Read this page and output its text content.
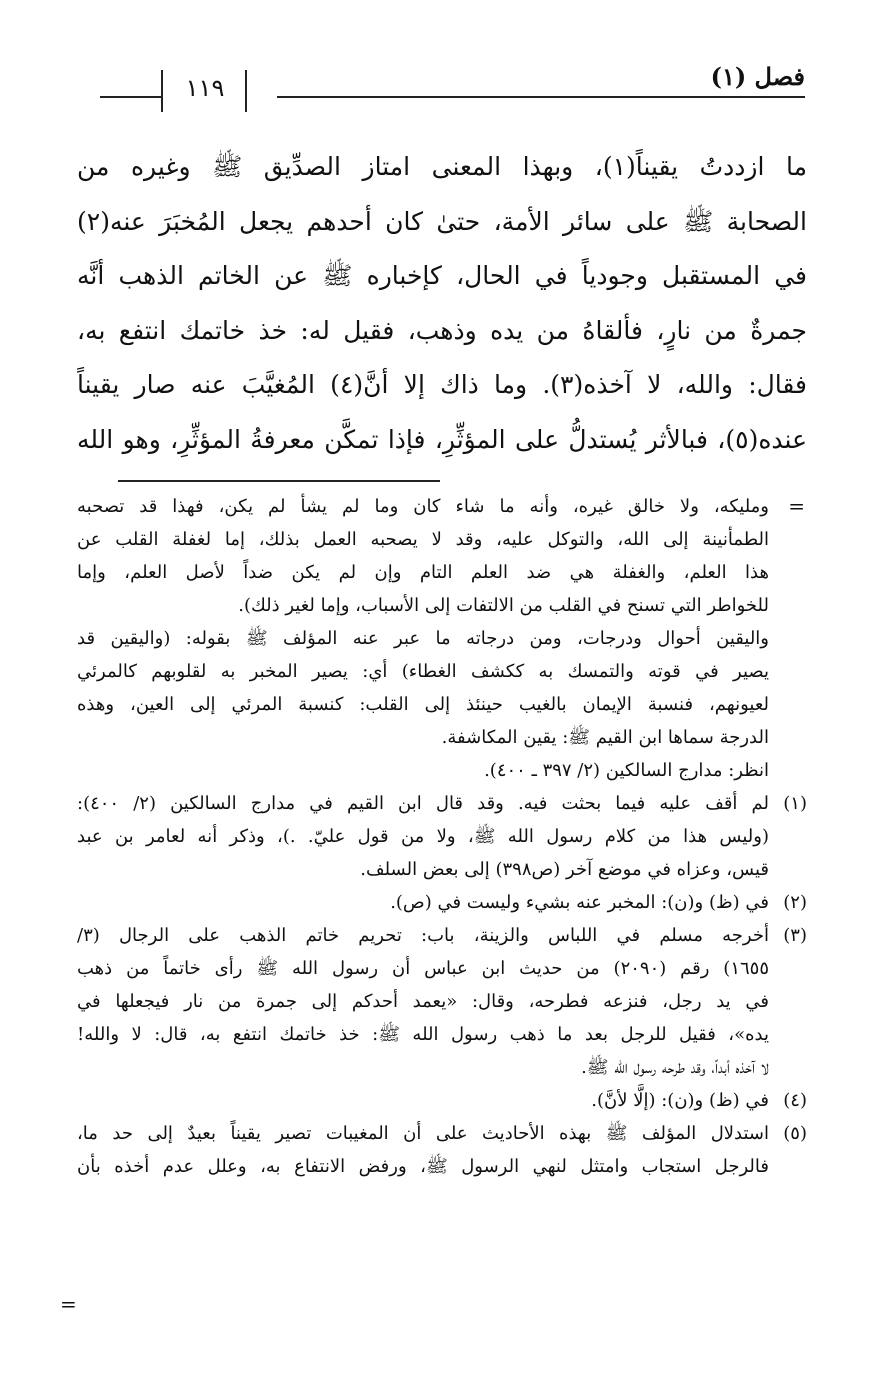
فصل (١)
١١٩
ما ازددتُ يقيناً(١)، وبهذا المعنى امتاز الصدِّيق ﷺ وغيره من
الصحابة ﷺ على سائر الأمة، حتىٰ كان أحدهم يجعل المُخبَرَ عنه(٢)
في المستقبل وجودياً في الحال، كإخباره ﷺ عن الخاتم الذهب أنَّه
جمرةٌ من نارٍ، فألقاهُ من يده وذهب، فقيل له: خذ خاتمك انتفع به،
فقال: والله، لا آخذه(٣). وما ذاك إلا أنَّ(٤) المُغيَّبَ عنه صار يقيناً
عنده(٥)، فبالأثر يُستدلُّ على المؤثِّرِ، فإذا تمكَّن معرفةُ المؤثِّرِ، وهو الله
=
ومليكه، ولا خالق غيره، وأنه ما شاء كان وما لم يشأ لم يكن، فهذا قد تصحبه
الطمأنينة إلى الله، والتوكل عليه، وقد لا يصحبه العمل بذلك، إما لغفلة القلب عن
هذا العلم، والغفلة هي ضد العلم التام وإن لم يكن ضداً لأصل العلم، وإما
للخواطر التي تسنح في القلب من الالتفات إلى الأسباب، وإما لغير ذلك).
واليقين أحوال ودرجات، ومن درجاته ما عبر عنه المؤلف ﷺ بقوله: (واليقين قد
يصير في قوته والتمسك به ككشف الغطاء) أي: يصير المخبر به لقلوبهم كالمرئي
لعيونهم، فنسبة الإيمان بالغيب حينئذ إلى القلب: كنسبة المرئي إلى العين، وهذه
الدرجة سماها ابن القيم ﷺ: يقين المكاشفة.
انظر: مدارج السالكين (٢/ ٣٩٧ ـ ٤٠٠).
(١)لم أقف عليه فيما بحثت فيه. وقد قال ابن القيم في مدارج السالكين (٢/ ٤٠٠):
(وليس هذا من كلام رسول الله ﷺ، ولا من قول عليّ. .)، وذكر أنه لعامر بن عبد
قيس، وعزاه في موضع آخر (ص٣٩٨) إلى بعض السلف.
(٢)في (ظ) و(ن): المخبر عنه بشيء وليست في (ص).
(٣)أخرجه مسلم في اللباس والزينة، باب: تحريم خاتم الذهب على الرجال (٣/
١٦٥٥) رقم (٢٠٩٠) من حديث ابن عباس أن رسول الله ﷺ رأى خاتماً من ذهب
في يد رجل، فنزعه فطرحه، وقال: «يعمد أحدكم إلى جمرة من نار فيجعلها في
يده»، فقيل للرجل بعد ما ذهب رسول الله ﷺ: خذ خاتمك انتفع به، قال: لا والله!
لا آخذه أبداً، وقد طرحه رسول الله ﷺ.
(٤)في (ظ) و(ن): (إلَّا لأنَّ).
(٥)استدلال المؤلف ﷺ بهذه الأحاديث على أن المغيبات تصير يقيناً بعيدٌ إلى حد ما،
فالرجل استجاب وامتثل لنهي الرسول ﷺ، ورفض الانتفاع به، وعلل عدم أخذه بأن
=
